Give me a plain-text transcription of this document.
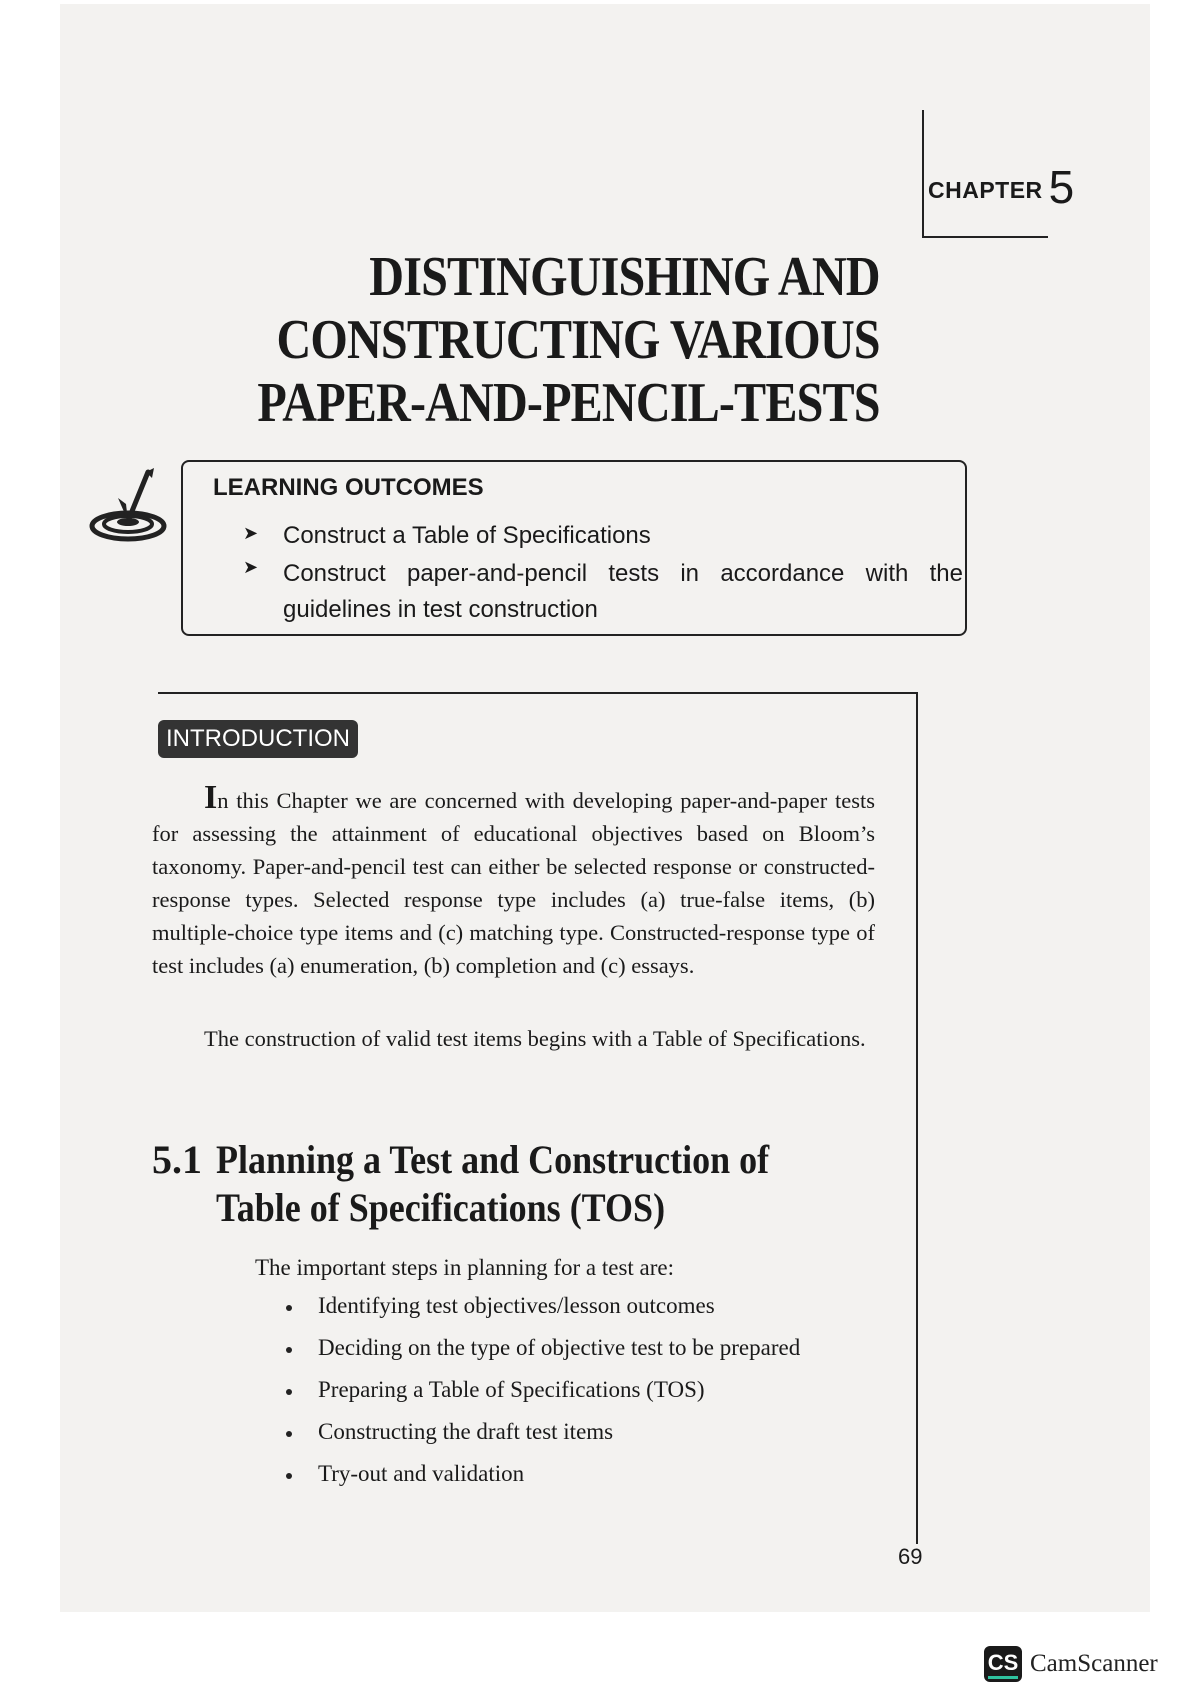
CHAPTER 5
DISTINGUISHING AND
CONSTRUCTING VARIOUS
PAPER-AND-PENCIL-TESTS
LEARNING OUTCOMES
➤ Construct a Table of Specifications
➤ Construct paper-and-pencil tests in accordance with the guidelines in test construction
INTRODUCTION
In this Chapter we are concerned with developing paper-and-paper tests for assessing the attainment of educational objectives based on Bloom’s taxonomy. Paper-and-pencil test can either be selected response or constructed-response types. Selected response type includes (a) true-false items, (b) multiple-choice type items and (c) matching type. Constructed-response type of test includes (a) enumeration, (b) completion and (c) essays.
The construction of valid test items begins with a Table of Specifications.
5.1 Planning a Test and Construction of Table of Specifications (TOS)
The important steps in planning for a test are:
Identifying test objectives/lesson outcomes
Deciding on the type of objective test to be prepared
Preparing a Table of Specifications (TOS)
Constructing the draft test items
Try-out and validation
69
CS CamScanner
